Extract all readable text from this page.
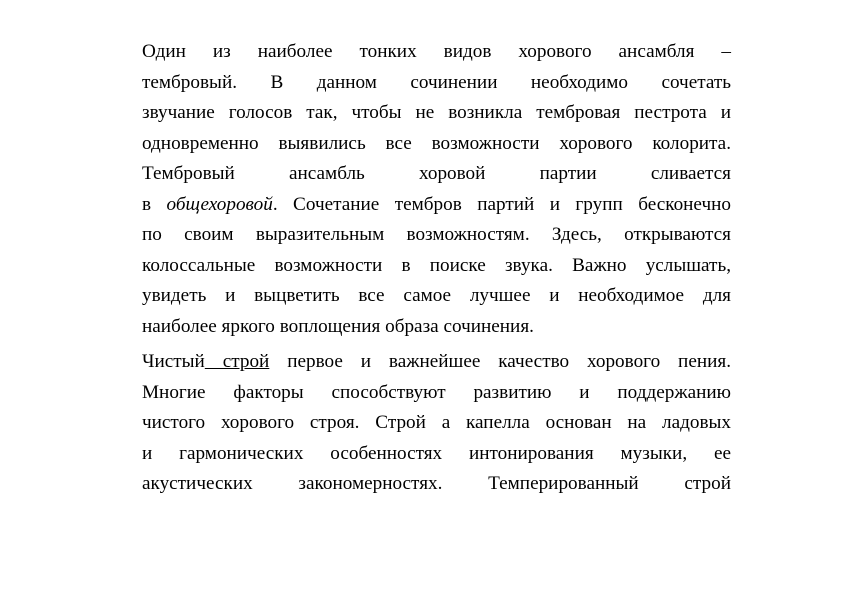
Один из наиболее тонких видов хорового ансамбля –
тембровый. В данном сочинении необходимо сочетать
звучание голосов так, чтобы не возникла тембровая пестрота и
одновременно выявились все возможности хорового колорита.
Тембровый ансамбль хоровой партии сливается
в общехоровой. Сочетание тембров партий и групп бесконечно
по своим выразительным возможностям. Здесь, открываются
колоссальные возможности в поиске звука. Важно услышать,
увидеть и выцветить все самое лучшее и необходимое для
наиболее яркого воплощения образа сочинения.

Чистый строй первое и важнейшее качество хорового пения.
Многие факторы способствуют развитию и поддержанию
чистого хорового строя. Строй а капелла основан на ладовых
и гармонических особенностях интонирования музыки, ее
акустических закономерностях. Темперированный строй
